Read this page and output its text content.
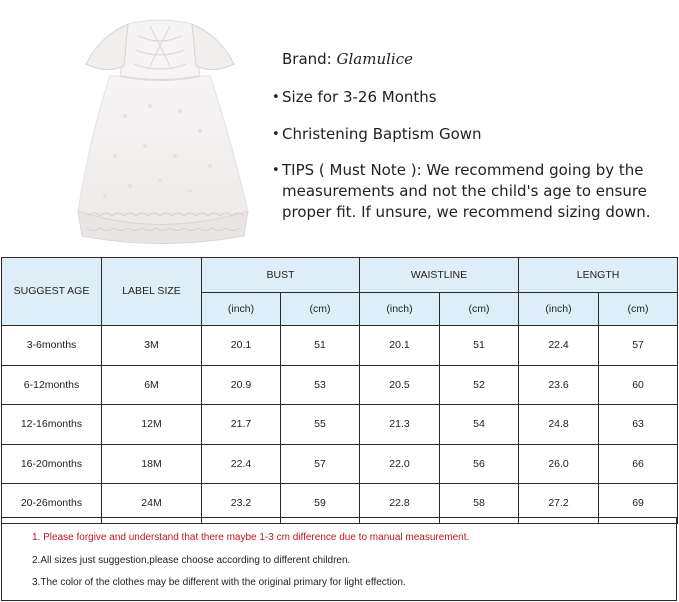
Brand: Glamulice
• Size for 3-26 Months
• Christening Baptism Gown
• TIPS ( Must Note ): We recommend going by the measurements and not the child's age to ensure proper fit. If unsure, we recommend sizing down.
SUGGEST AGE	LABEL SIZE	BUST		WAISTLINE		LENGTH	
		(inch)	(cm)	(inch)	(cm)	(inch)	(cm)
3-6months	3M	20.1	51	20.1	51	22.4	57
6-12months	6M	20.9	53	20.5	52	23.6	60
12-16months	12M	21.7	55	21.3	54	24.8	63
16-20months	18M	22.4	57	22.0	56	26.0	66
20-26months	24M	23.2	59	22.8	58	27.2	69
1. Please forgive and understand that there maybe 1-3 cm difference due to manual measurement.
2.All sizes just suggestion,please choose according to different children.
3.The color of the clothes may be different with the original primary for light effection.
